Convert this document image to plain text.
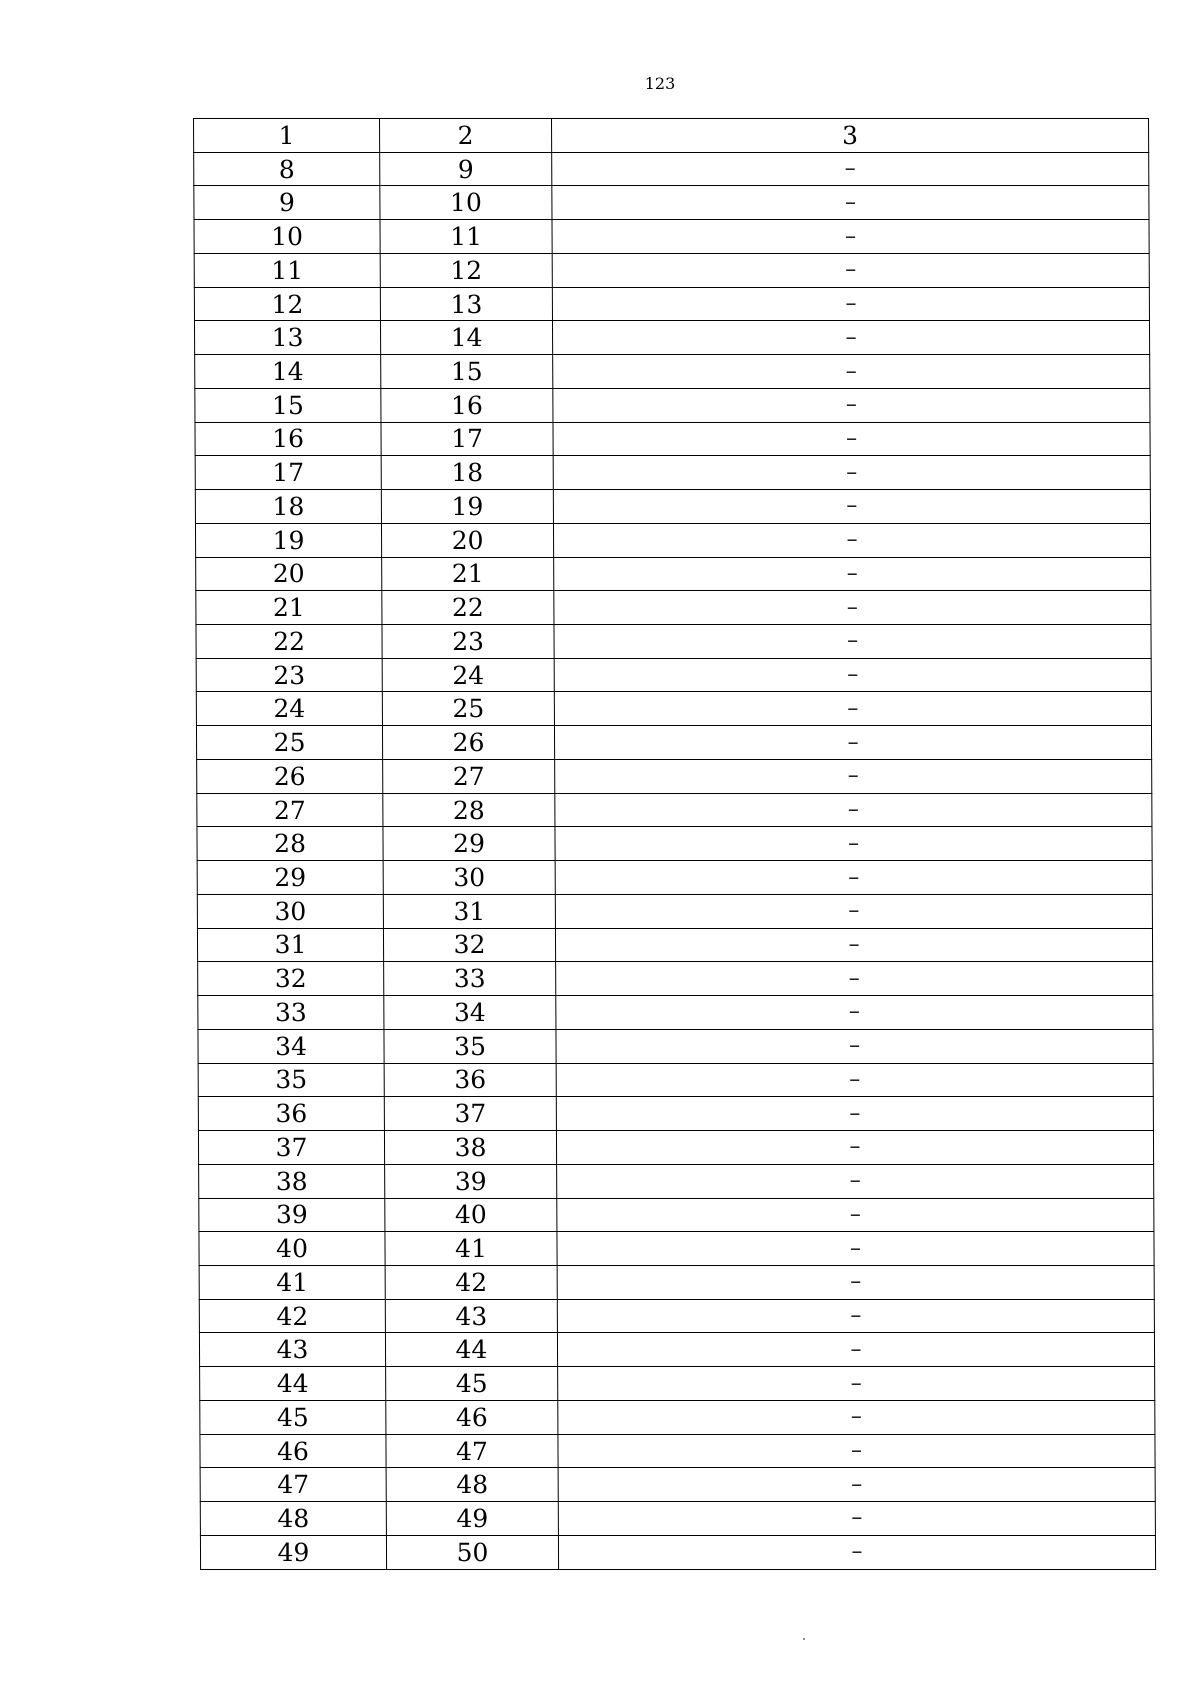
123
1	2	3
8	9	–
9	10	–
10	11	–
11	12	–
12	13	–
13	14	–
14	15	–
15	16	–
16	17	–
17	18	–
18	19	–
19	20	–
20	21	–
21	22	–
22	23	–
23	24	–
24	25	–
25	26	–
26	27	–
27	28	–
28	29	–
29	30	–
30	31	–
31	32	–
32	33	–
33	34	–
34	35	–
35	36	–
36	37	–
37	38	–
38	39	–
39	40	–
40	41	–
41	42	–
42	43	–
43	44	–
44	45	–
45	46	–
46	47	–
47	48	–
48	49	–
49	50	–
